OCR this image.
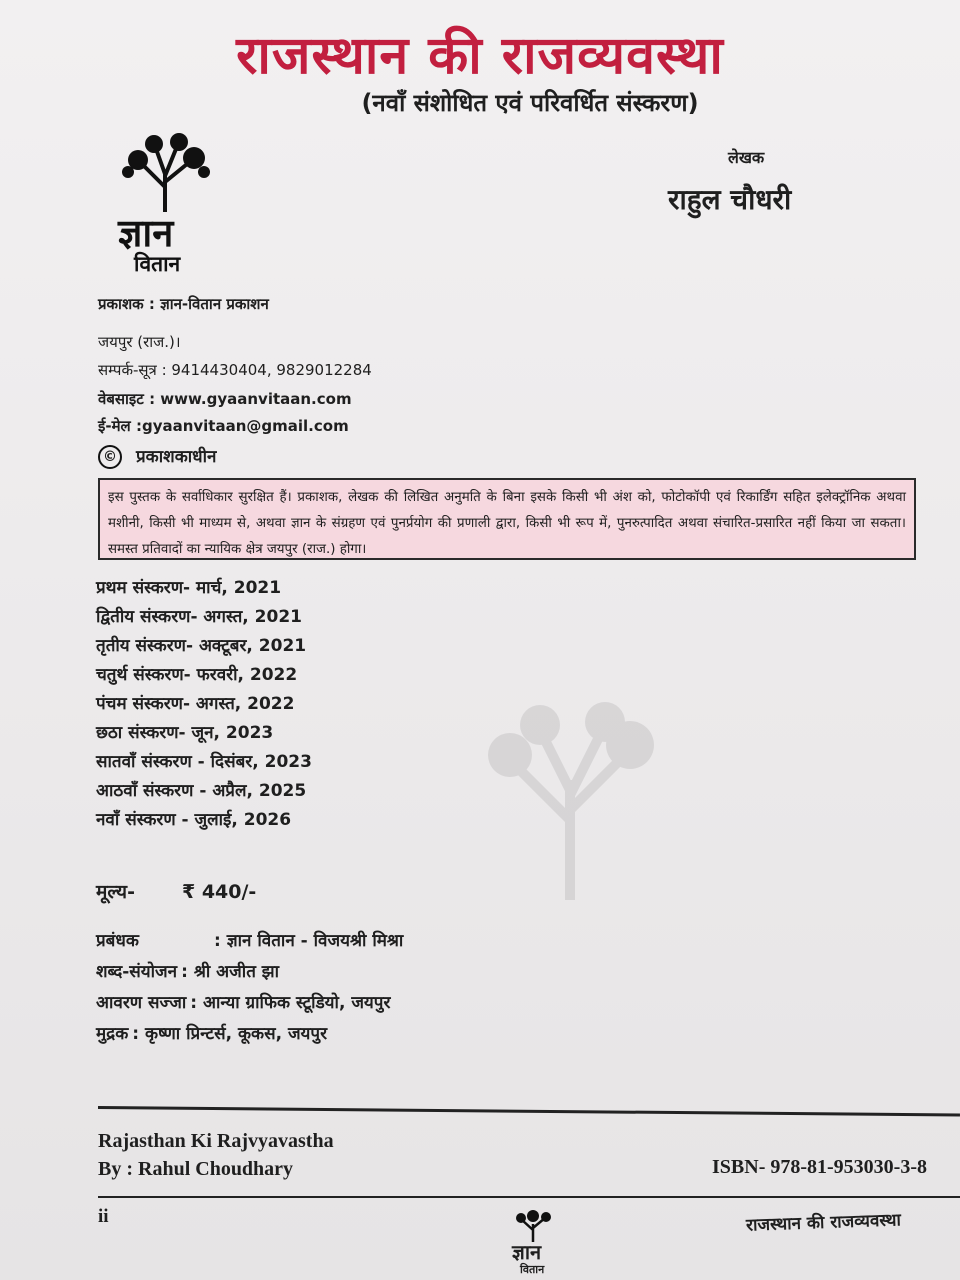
राजस्थान की राजव्यवस्था
(नवाँ संशोधित एवं परिवर्धित संस्करण)
लेखक
राहुल चौधरी
ज्ञान
वितान
प्रकाशक : ज्ञान-वितान प्रकाशन
जयपुर (राज.)।
सम्पर्क-सूत्र : 9414430404, 9829012284
वेबसाइट : www.gyaanvitaan.com
ई-मेल :gyaanvitaan@gmail.com
© प्रकाशकाधीन
इस पुस्तक के सर्वाधिकार सुरक्षित हैं। प्रकाशक, लेखक की लिखित अनुमति के बिना इसके किसी भी अंश को, फोटोकॉपी एवं रिकार्डिंग सहित इलेक्ट्रॉनिक अथवा मशीनी, किसी भी माध्यम से, अथवा ज्ञान के संग्रहण एवं पुनर्प्रयोग की प्रणाली द्वारा, किसी भी रूप में, पुनरुत्पादित अथवा संचारित-प्रसारित नहीं किया जा सकता। समस्त प्रतिवादों का न्यायिक क्षेत्र जयपुर (राज.) होगा।
प्रथम संस्करण- मार्च, 2021
द्वितीय संस्करण- अगस्त, 2021
तृतीय संस्करण- अक्टूबर, 2021
चतुर्थ संस्करण- फरवरी, 2022
पंचम संस्करण- अगस्त, 2022
छठा संस्करण- जून, 2023
सातवाँ संस्करण - दिसंबर, 2023
आठवाँ संस्करण - अप्रैल, 2025
नवाँ संस्करण - जुलाई, 2026
मूल्य- ₹ 440/-
प्रबंधक	: ज्ञान वितान - विजयश्री मिश्रा
शब्द-संयोजन : श्री अजीत झा
आवरण सज्जा : आन्या ग्राफिक स्टूडियो, जयपुर
मुद्रक : कृष्णा प्रिन्टर्स, कूकस, जयपुर
Rajasthan Ki Rajvyavastha
By : Rahul Choudhary	ISBN- 978-81-953030-3-8
ii
ज्ञान
वितान
राजस्थान की राजव्यवस्था
